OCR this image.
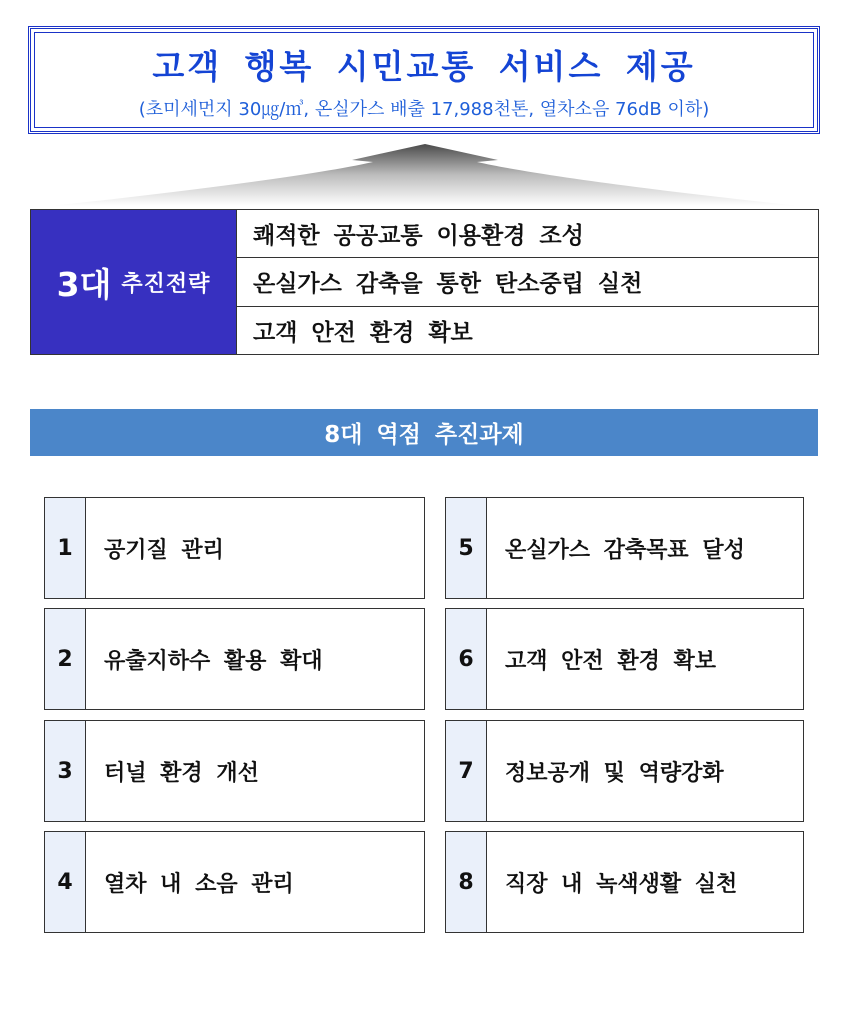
고객 행복 시민교통 서비스 제공
(초미세먼지 30㎍/㎥, 온실가스 배출 17,988천톤, 열차소음 76dB 이하)
3대 추진전략
쾌적한 공공교통 이용환경 조성
온실가스 감축을 통한 탄소중립 실천
고객 안전 환경 확보
8대 역점 추진과제
1	공기질 관리
2	유출지하수 활용 확대
3	터널 환경 개선
4	열차 내 소음 관리
5	온실가스 감축목표 달성
6	고객 안전 환경 확보
7	정보공개 및 역량강화
8	직장 내 녹색생활 실천
